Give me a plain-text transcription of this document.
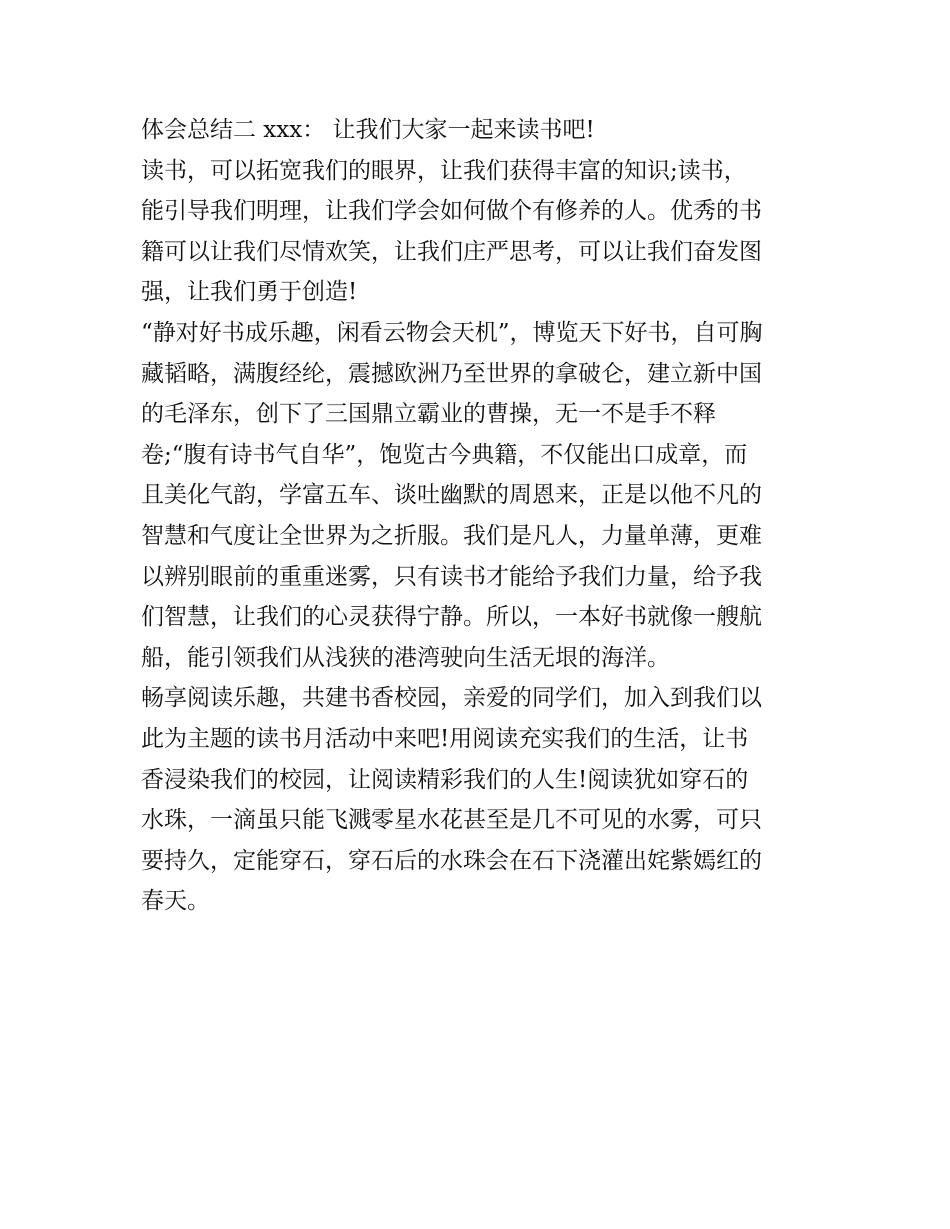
体会总结二 xxx： 让我们大家一起来读书吧!
读书，可以拓宽我们的眼界，让我们获得丰富的知识;读书，
能引导我们明理，让我们学会如何做个有修养的人。优秀的书
籍可以让我们尽情欢笑，让我们庄严思考，可以让我们奋发图
强，让我们勇于创造!
“静对好书成乐趣，闲看云物会天机”，博览天下好书，自可胸
藏韬略，满腹经纶，震撼欧洲乃至世界的拿破仑，建立新中国
的毛泽东，创下了三国鼎立霸业的曹操，无一不是手不释
卷;“腹有诗书气自华”，饱览古今典籍，不仅能出口成章，而
且美化气韵，学富五车、谈吐幽默的周恩来，正是以他不凡的
智慧和气度让全世界为之折服。我们是凡人，力量单薄，更难
以辨别眼前的重重迷雾，只有读书才能给予我们力量，给予我
们智慧，让我们的心灵获得宁静。所以，一本好书就像一艘航
船，能引领我们从浅狭的港湾驶向生活无垠的海洋。
畅享阅读乐趣，共建书香校园，亲爱的同学们，加入到我们以
此为主题的读书月活动中来吧!用阅读充实我们的生活，让书
香浸染我们的校园，让阅读精彩我们的人生!阅读犹如穿石的
水珠，一滴虽只能飞溅零星水花甚至是几不可见的水雾，可只
要持久，定能穿石，穿石后的水珠会在石下浇灌出姹紫嫣红的
春天。
